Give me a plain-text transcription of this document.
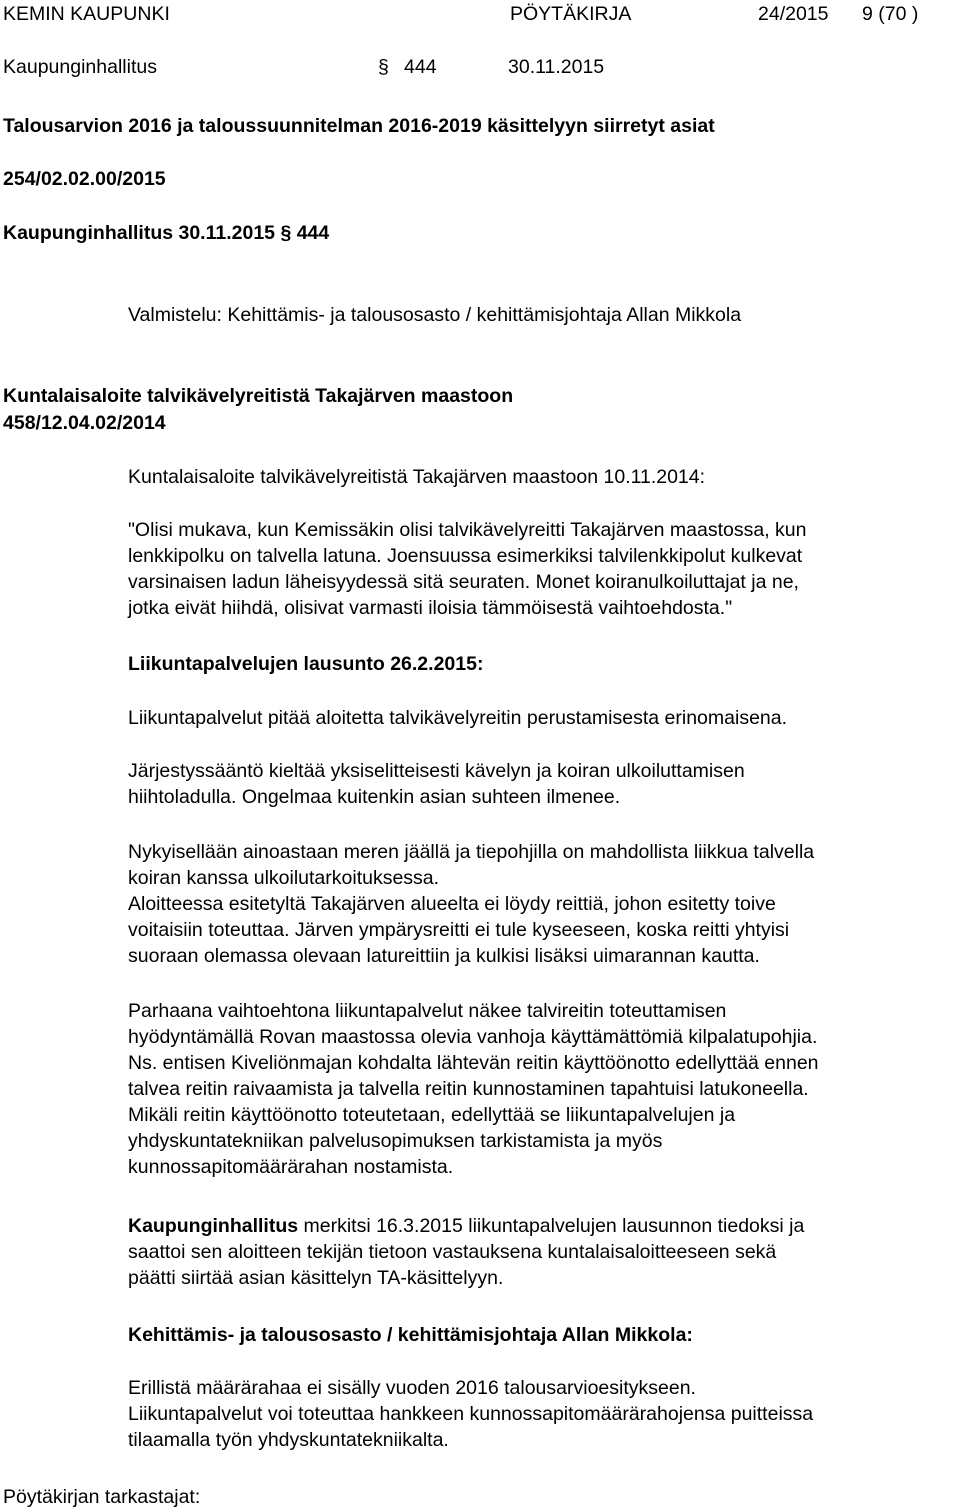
KEMIN KAUPUNKI	PÖYTÄKIRJA	24/2015 9 (70 )
Kaupunginhallitus	§ 444	30.11.2015
Talousarvion 2016 ja taloussuunnitelman 2016-2019 käsittelyyn siirretyt asiat
254/02.02.00/2015
Kaupunginhallitus 30.11.2015 § 444
Valmistelu: Kehittämis- ja talousosasto / kehittämisjohtaja Allan Mikkola
Kuntalaisaloite talvikävelyreitistä Takajärven maastoon
458/12.04.02/2014
Kuntalaisaloite talvikävelyreitistä Takajärven maastoon 10.11.2014:

"Olisi mukava, kun Kemissäkin olisi talvikävelyreitti Takajärven maastossa, kun

lenkkipolku on talvella latuna. Joensuussa esimerkiksi talvilenkkipolut kulkevat

varsinaisen ladun läheisyydessä sitä seuraten. Monet koiranulkoiluttajat ja ne,

jotka eivät hiihdä, olisivat varmasti iloisia tämmöisestä vaihtoehdosta."

Liikuntapalvelujen lausunto 26.2.2015:

Liikuntapalvelut pitää aloitetta talvikävelyreitin perustamisesta erinomaisena.

Järjestyssääntö kieltää yksiselitteisesti kävelyn ja koiran ulkoiluttamisen

hiihtoladulla. Ongelmaa kuitenkin asian suhteen ilmenee.

Nykyisellään ainoastaan meren jäällä ja tiepohjilla on mahdollista liikkua talvella

koiran kanssa ulkoilutarkoituksessa.

Aloitteessa esitetyltä Takajärven alueelta ei löydy reittiä, johon esitetty toive

voitaisiin toteuttaa. Järven ympärysreitti ei tule kyseeseen, koska reitti yhtyisi

suoraan olemassa olevaan latureittiin ja kulkisi lisäksi uimarannan kautta.

Parhaana vaihtoehtona liikuntapalvelut näkee talvireitin toteuttamisen

hyödyntämällä Rovan maastossa olevia vanhoja käyttämättömiä kilpalatupohjia.

Ns. entisen Kiveliönmajan kohdalta lähtevän reitin käyttöönotto edellyttää ennen

talvea reitin raivaamista ja talvella reitin kunnostaminen tapahtuisi latukoneella.

Mikäli reitin käyttöönotto toteutetaan, edellyttää se liikuntapalvelujen ja

yhdyskuntatekniikan palvelusopimuksen tarkistamista ja myös

kunnossapitomäärärahan nostamista.

Kaupunginhallitus merkitsi 16.3.2015 liikuntapalvelujen lausunnon tiedoksi ja

saattoi sen aloitteen tekijän tietoon vastauksena kuntalaisaloitteeseen sekä

päätti siirtää asian käsittelyn TA-käsittelyyn.

Kehittämis- ja talousosasto / kehittämisjohtaja Allan Mikkola:

Erillistä määrärahaa ei sisälly vuoden 2016 talousarvioesitykseen.

Liikuntapalvelut voi toteuttaa hankkeen kunnossapitomäärärahojensa puitteissa

tilaamalla työn yhdyskuntatekniikalta.

Pöytäkirjan tarkastajat:
